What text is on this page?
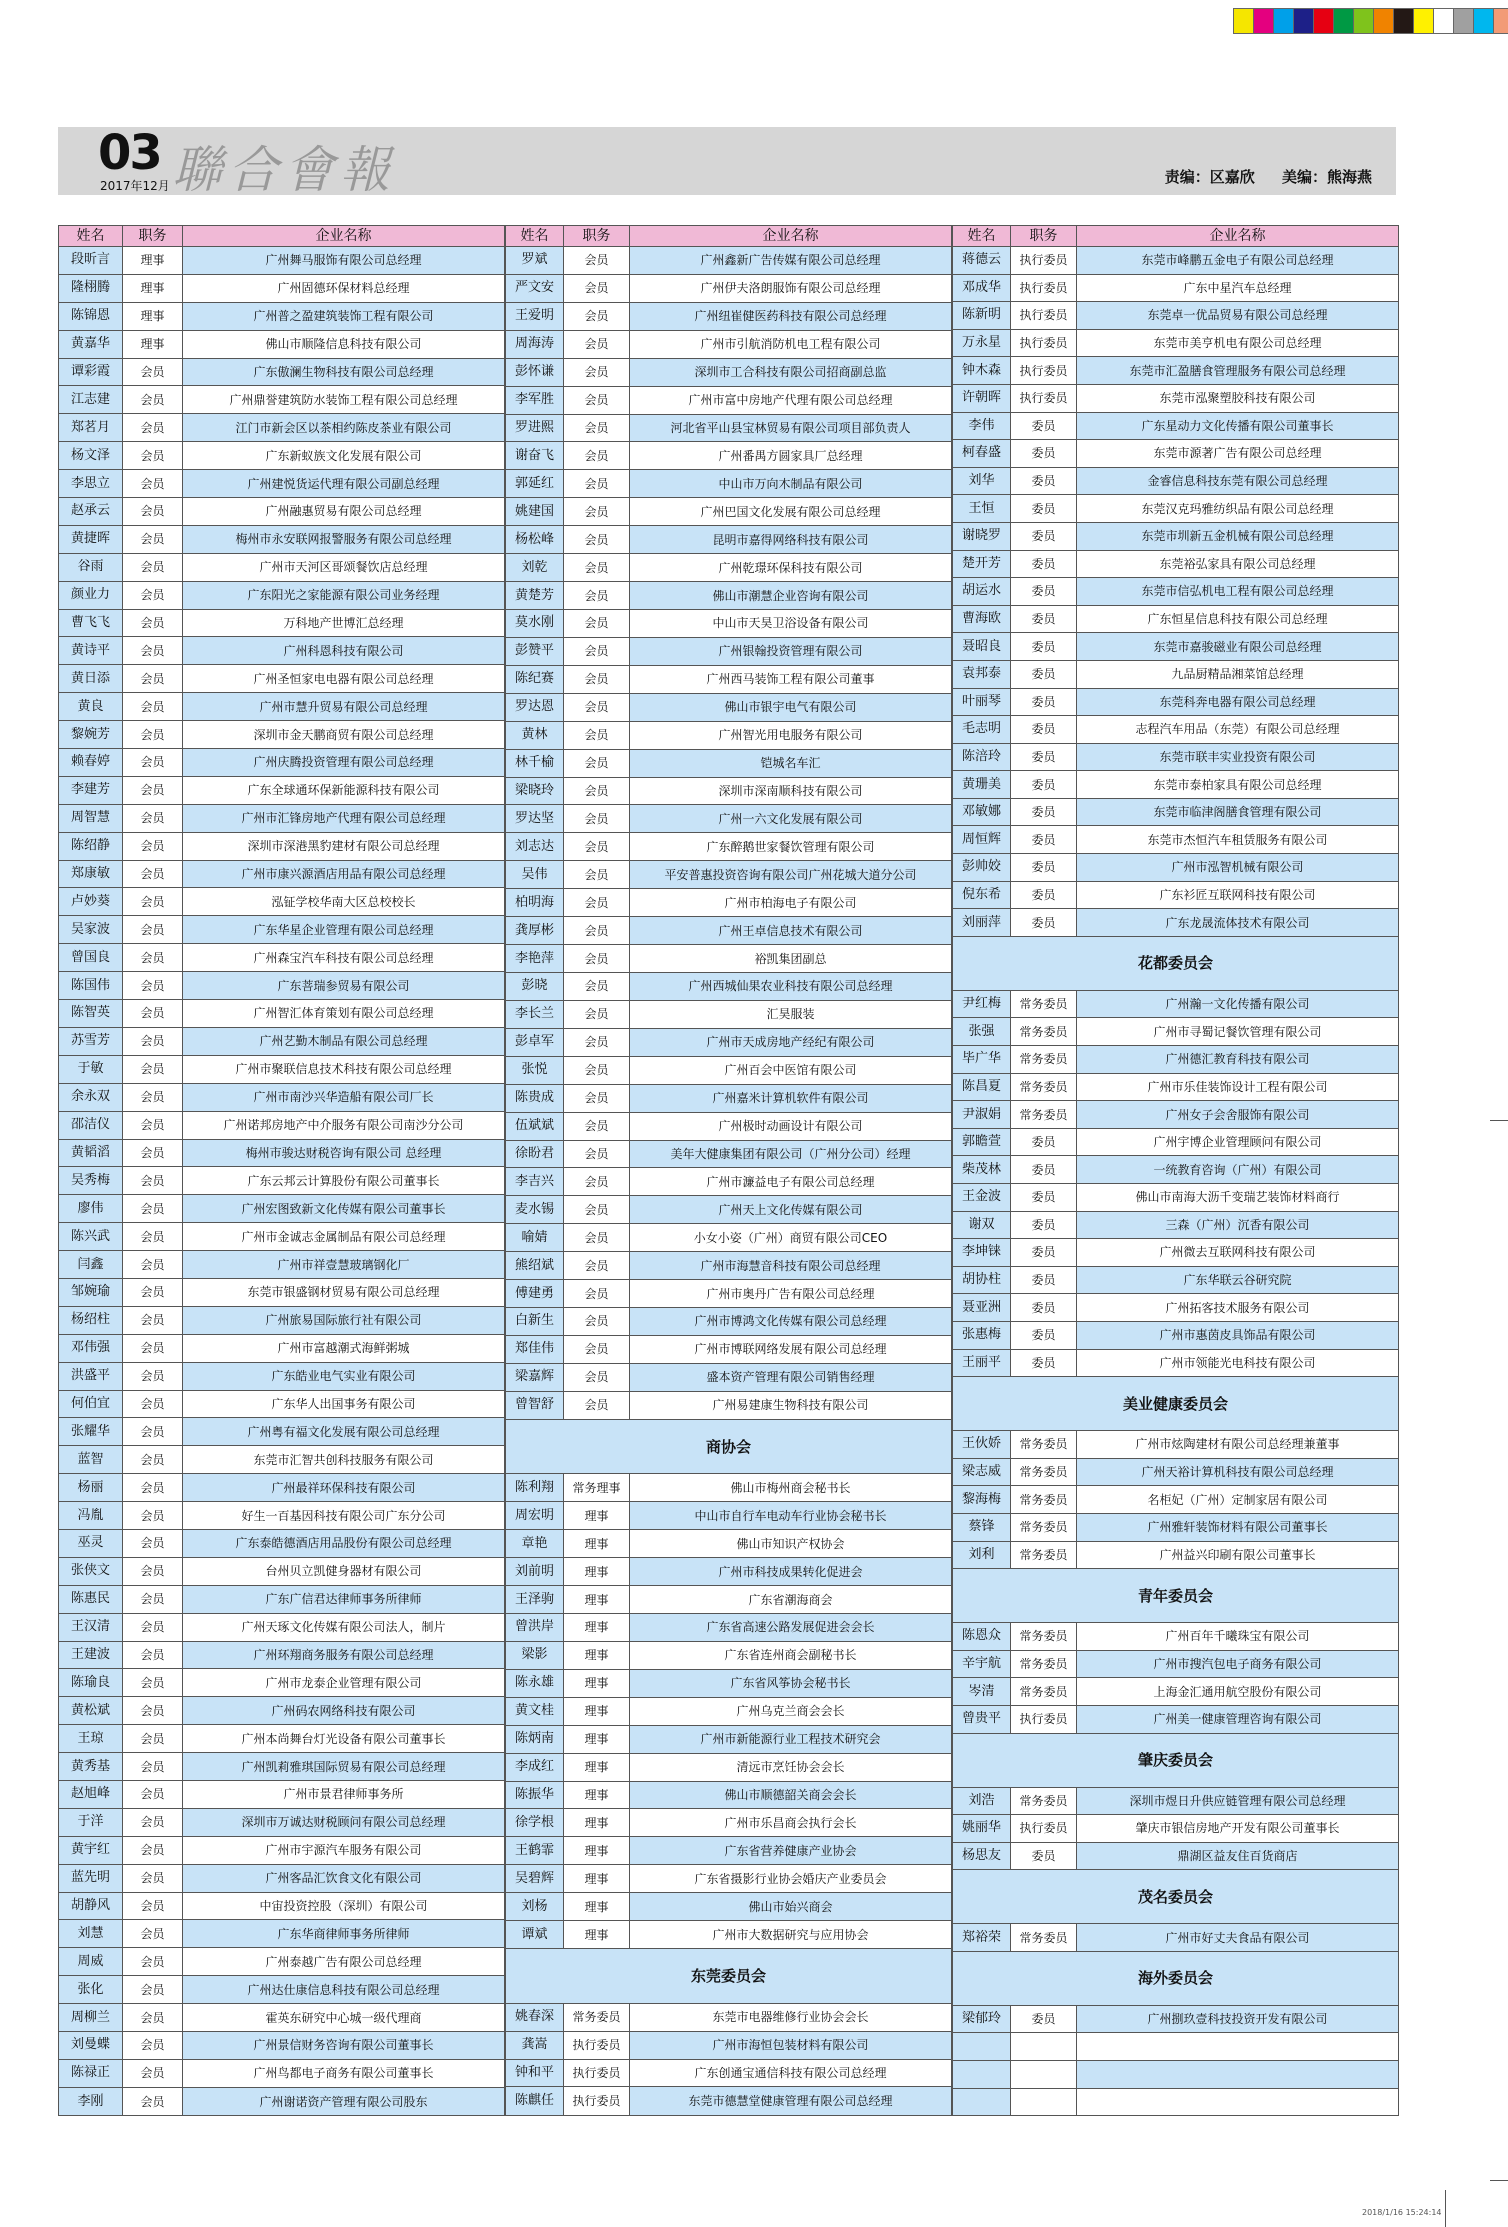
03
2017年12月 聯合會報	责编：区嘉欣 美编：熊海燕
姓名	职务	企业名称
段昕言	理事	广州舞马服饰有限公司总经理
隆栩腾	理事	广州固德环保材料总经理
陈锦恩	理事	广州普之盈建筑装饰工程有限公司
黄嘉华	理事	佛山市顺隆信息科技有限公司
谭彩霞	会员	广东傲澜生物科技有限公司总经理
江志建	会员	广州鼎誉建筑防水装饰工程有限公司总经理
郑茗月	会员	江门市新会区以茶相约陈皮茶业有限公司
杨文泽	会员	广东新蚁族文化发展有限公司
李思立	会员	广州建悦货运代理有限公司副总经理
赵承云	会员	广州融惠贸易有限公司总经理
黄捷晖	会员	梅州市永安联网报警服务有限公司总经理
谷雨	会员	广州市天河区哥颂餐饮店总经理
颜业力	会员	广东阳光之家能源有限公司业务经理
曹飞飞	会员	万科地产世博汇总经理
黄诗平	会员	广州科恩科技有限公司
黄日添	会员	广州圣恒家电电器有限公司总经理
黄良	会员	广州市慧升贸易有限公司总经理
黎婉芳	会员	深圳市金天鹏商贸有限公司总经理
赖春婷	会员	广州庆腾投资管理有限公司总经理
李建芳	会员	广东全球通环保新能源科技有限公司
周智慧	会员	广州市汇锋房地产代理有限公司总经理
陈绍静	会员	深圳市深港黑豹建材有限公司总经理
郑康敏	会员	广州市康兴源酒店用品有限公司总经理
卢妙葵	会员	泓钲学校华南大区总校校长
吴家波	会员	广东华星企业管理有限公司总经理
曾国良	会员	广州森宝汽车科技有限公司总经理
陈国伟	会员	广东菩瑞参贸易有限公司
陈智英	会员	广州智汇体育策划有限公司总经理
苏雪芳	会员	广州艺勤木制品有限公司总经理
于敏	会员	广州市聚联信息技术科技有限公司总经理
余永双	会员	广州市南沙兴华造船有限公司厂长
邵洁仪	会员	广州诺邦房地产中介服务有限公司南沙分公司
黄韬滔	会员	梅州市骏达财税咨询有限公司 总经理
吴秀梅	会员	广东云邦云计算股份有限公司董事长
廖伟	会员	广州宏图致新文化传媒有限公司董事长
陈兴武	会员	广州市金诚志金属制品有限公司总经理
闫鑫	会员	广州市祥壹慧玻璃钢化厂
邹婉瑜	会员	东莞市银盛钢材贸易有限公司总经理
杨绍柱	会员	广州旅易国际旅行社有限公司
邓伟强	会员	广州市富越潮式海鲜粥城
洪盛平	会员	广东皓业电气实业有限公司
何伯宜	会员	广东华人出国事务有限公司
张耀华	会员	广州粤有福文化发展有限公司总经理
蓝智	会员	东莞市汇智共创科技服务有限公司
杨丽	会员	广州最祥环保科技有限公司
冯胤	会员	好生一百基因科技有限公司广东分公司
巫灵	会员	广东泰皓德酒店用品股份有限公司总经理
张侠文	会员	台州贝立凯健身器材有限公司
陈惠民	会员	广东广信君达律师事务所律师
王汉清	会员	广州天琢文化传媒有限公司法人，制片
王建波	会员	广州环翔商务服务有限公司总经理
陈瑜良	会员	广州市龙泰企业管理有限公司
黄松斌	会员	广州码农网络科技有限公司
王琼	会员	广州本尚舞台灯光设备有限公司董事长
黄秀基	会员	广州凯莉雅琪国际贸易有限公司总经理
赵旭峰	会员	广州市景君律师事务所
于洋	会员	深圳市万诚达财税顾问有限公司总经理
黄宇红	会员	广州市宇源汽车服务有限公司
蓝先明	会员	广州客品汇饮食文化有限公司
胡静风	会员	中宙投资控股（深圳）有限公司
刘慧	会员	广东华商律师事务所律师
周威	会员	广州泰越广告有限公司总经理
张化	会员	广州达仕康信息科技有限公司总经理
周柳兰	会员	霍英东研究中心城一级代理商
刘曼蝶	会员	广州景信财务咨询有限公司董事长
陈禄正	会员	广州鸟都电子商务有限公司董事长
李刚	会员	广州谢诺资产管理有限公司股东
姓名	职务	企业名称
罗斌	会员	广州鑫新广告传媒有限公司总经理
严文安	会员	广州伊夫洛朗服饰有限公司总经理
王爱明	会员	广州纽崔健医药科技有限公司总经理
周海涛	会员	广州市引航消防机电工程有限公司
彭怀谦	会员	深圳市工合科技有限公司招商副总监
李军胜	会员	广州市富中房地产代理有限公司总经理
罗进熙	会员	河北省平山县宝林贸易有限公司项目部负责人
谢奋飞	会员	广州番禺方圆家具厂总经理
郭延红	会员	中山市万向木制品有限公司
姚建国	会员	广州巴国文化发展有限公司总经理
杨松峰	会员	昆明市嘉得网络科技有限公司
刘乾	会员	广州乾璟环保科技有限公司
黄楚芳	会员	佛山市潮慧企业咨询有限公司
莫水刚	会员	中山市天昊卫浴设备有限公司
彭赞平	会员	广州银翰投资管理有限公司
陈纪赛	会员	广州西马装饰工程有限公司董事
罗达恩	会员	佛山市银宇电气有限公司
黄林	会员	广州智光用电服务有限公司
林千榆	会员	铠城名车汇
梁晓玲	会员	深圳市深南顺科技有限公司
罗达坚	会员	广州一六文化发展有限公司
刘志达	会员	广东醉鹅世家餐饮管理有限公司
吴伟	会员	平安普惠投资咨询有限公司广州花城大道分公司
柏明海	会员	广州市柏海电子有限公司
龚厚彬	会员	广州王卓信息技术有限公司
李艳萍	会员	裕凯集团副总
彭晓	会员	广州西城仙果农业科技有限公司总经理
李长兰	会员	汇昊服装
彭卓军	会员	广州市天成房地产经纪有限公司
张悦	会员	广州百会中医馆有限公司
陈贵成	会员	广州嘉米计算机软件有限公司
伍斌斌	会员	广州极时动画设计有限公司
徐盼君	会员	美年大健康集团有限公司（广州分公司）经理
李吉兴	会员	广州市濂益电子有限公司总经理
麦水锡	会员	广州天上文化传媒有限公司
喻婧	会员	小女小姿（广州）商贸有限公司CEO
熊绍斌	会员	广州市海慧音科技有限公司总经理
傅建勇	会员	广州市奥丹广告有限公司总经理
白新生	会员	广州市博鸿文化传媒有限公司总经理
郑佳伟	会员	广州市博联网络发展有限公司总经理
梁嘉辉	会员	盛本资产管理有限公司销售经理
曾智舒	会员	广州易建康生物科技有限公司
商协会		
陈利翔	常务理事	佛山市梅州商会秘书长
周宏明	理事	中山市自行车电动车行业协会秘书长
章艳	理事	佛山市知识产权协会
刘前明	理事	广州市科技成果转化促进会
王泽驹	理事	广东省潮海商会
曾洪岸	理事	广东省高速公路发展促进会会长
梁影	理事	广东省连州商会副秘书长
陈永雄	理事	广东省风筝协会秘书长
黄文桂	理事	广州乌克兰商会会长
陈炳南	理事	广州市新能源行业工程技术研究会
李成红	理事	清远市烹饪协会会长
陈振华	理事	佛山市顺德韶关商会会长
徐学根	理事	广州市乐昌商会执行会长
王鹤霏	理事	广东省营养健康产业协会
吴碧辉	理事	广东省摄影行业协会婚庆产业委员会
刘杨	理事	佛山市始兴商会
谭斌	理事	广州市大数据研究与应用协会
东莞委员会		
姚春深	常务委员	东莞市电器维修行业协会会长
龚嵩	执行委员	广州市海恒包装材料有限公司
钟和平	执行委员	广东创通宝通信科技有限公司总经理
陈麒任	执行委员	东莞市德慧堂健康管理有限公司总经理
姓名	职务	企业名称
蒋德云	执行委员	东莞市峰鹏五金电子有限公司总经理
邓成华	执行委员	广东中星汽车总经理
陈新明	执行委员	东莞卓一优品贸易有限公司总经理
万永星	执行委员	东莞市美亨机电有限公司总经理
钟木森	执行委员	东莞市汇盈膳食管理服务有限公司总经理
许朝晖	执行委员	东莞市泓聚塑胶科技有限公司
李伟	委员	广东星动力文化传播有限公司董事长
柯春盛	委员	东莞市源著广告有限公司总经理
刘华	委员	金睿信息科技东莞有限公司总经理
王恒	委员	东莞汉克玛雅纺织品有限公司总经理
谢晓罗	委员	东莞市圳新五金机械有限公司总经理
楚开芳	委员	东莞裕弘家具有限公司总经理
胡运水	委员	东莞市信弘机电工程有限公司总经理
曹海欧	委员	广东恒星信息科技有限公司总经理
聂昭良	委员	东莞市嘉骏磁业有限公司总经理
袁邦泰	委员	九品厨精品湘菜馆总经理
叶丽琴	委员	东莞科奔电器有限公司总经理
毛志明	委员	志程汽车用品（东莞）有限公司总经理
陈涪玲	委员	东莞市联丰实业投资有限公司
黄珊美	委员	东莞市泰柏家具有限公司总经理
邓敏娜	委员	东莞市临津阁膳食管理有限公司
周恒辉	委员	东莞市杰恒汽车租赁服务有限公司
彭帅姣	委员	广州市泓智机械有限公司
倪东希	委员	广东衫匠互联网科技有限公司
刘丽萍	委员	广东龙晟流体技术有限公司
花都委员会		
尹红梅	常务委员	广州瀚一文化传播有限公司
张强	常务委员	广州市寻蜀记餐饮管理有限公司
毕广华	常务委员	广州德汇教育科技有限公司
陈昌夏	常务委员	广州市乐佳装饰设计工程有限公司
尹淑娟	常务委员	广州女子会舍服饰有限公司
郭瞻萱	委员	广州宇博企业管理顾问有限公司
柴茂林	委员	一统教育咨询（广州）有限公司
王金波	委员	佛山市南海大沥千变瑞艺装饰材料商行
谢双	委员	三森（广州）沉香有限公司
李坤铼	委员	广州微去互联网科技有限公司
胡协柱	委员	广东华联云谷研究院
聂亚洲	委员	广州拓客技术服务有限公司
张惠梅	委员	广州市惠茵皮具饰品有限公司
王丽平	委员	广州市领能光电科技有限公司
美业健康委员会		
王伙娇	常务委员	广州市炫陶建材有限公司总经理兼董事
梁志威	常务委员	广州天裕计算机科技有限公司总经理
黎海梅	常务委员	名柜妃（广州）定制家居有限公司
蔡锋	常务委员	广州雅轩装饰材料有限公司董事长
刘利	常务委员	广州益兴印刷有限公司董事长
青年委员会		
陈恩众	常务委员	广州百年千曦珠宝有限公司
辛宇航	常务委员	广州市搜汽包电子商务有限公司
岑清	常务委员	上海金汇通用航空股份有限公司
曾贵平	执行委员	广州美一健康管理咨询有限公司
肇庆委员会		
刘浩	常务委员	深圳市煜日升供应链管理有限公司总经理
姚丽华	执行委员	肇庆市银信房地产开发有限公司董事长
杨思友	委员	鼎湖区益友住百货商店
茂名委员会		
郑裕荣	常务委员	广州市好丈夫食品有限公司
海外委员会		
梁郁玲	委员	广州捌玖壹科技投资开发有限公司

2018/1/16 15:24:14
